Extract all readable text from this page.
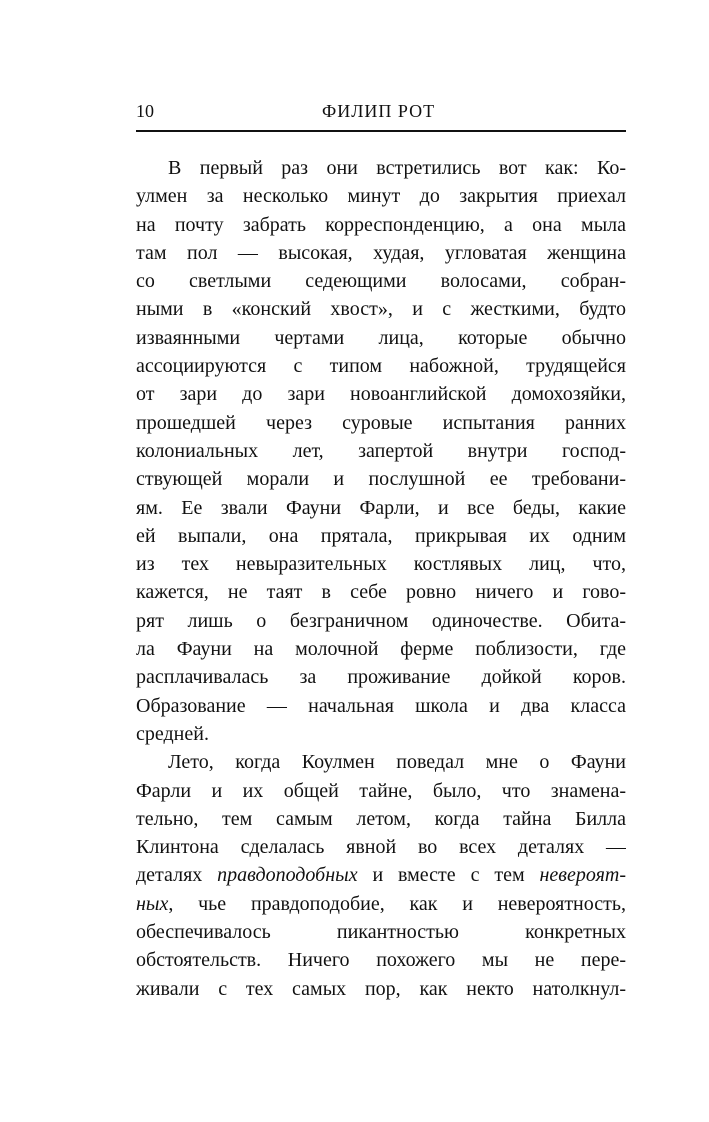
10	ФИЛИП РОТ
В первый раз они встретились вот как: Ко-
улмен за несколько минут до закрытия приехал
на почту забрать корреспонденцию, а она мыла
там пол — высокая, худая, угловатая женщина
со светлыми седеющими волосами, собран-
ными в «конский хвост», и с жесткими, будто
изваянными чертами лица, которые обычно
ассоциируются с типом набожной, трудящейся
от зари до зари новоанглийской домохозяйки,
прошедшей через суровые испытания ранних
колониальных лет, запертой внутри господ-
ствующей морали и послушной ее требовани-
ям. Ее звали Фауни Фарли, и все беды, какие
ей выпали, она прятала, прикрывая их одним
из тех невыразительных костлявых лиц, что,
кажется, не таят в себе ровно ничего и гово-
рят лишь о безграничном одиночестве. Обита-
ла Фауни на молочной ферме поблизости, где
расплачивалась за проживание дойкой коров.
Образование — начальная школа и два класса
средней.
Лето, когда Коулмен поведал мне о Фауни
Фарли и их общей тайне, было, что знамена-
тельно, тем самым летом, когда тайна Билла
Клинтона сделалась явной во всех деталях —
деталях правдоподобных и вместе с тем невероят-
ных, чье правдоподобие, как и невероятность,
обеспечивалось пикантностью конкретных
обстоятельств. Ничего похожего мы не пере-
живали с тех самых пор, как некто натолкнул-
